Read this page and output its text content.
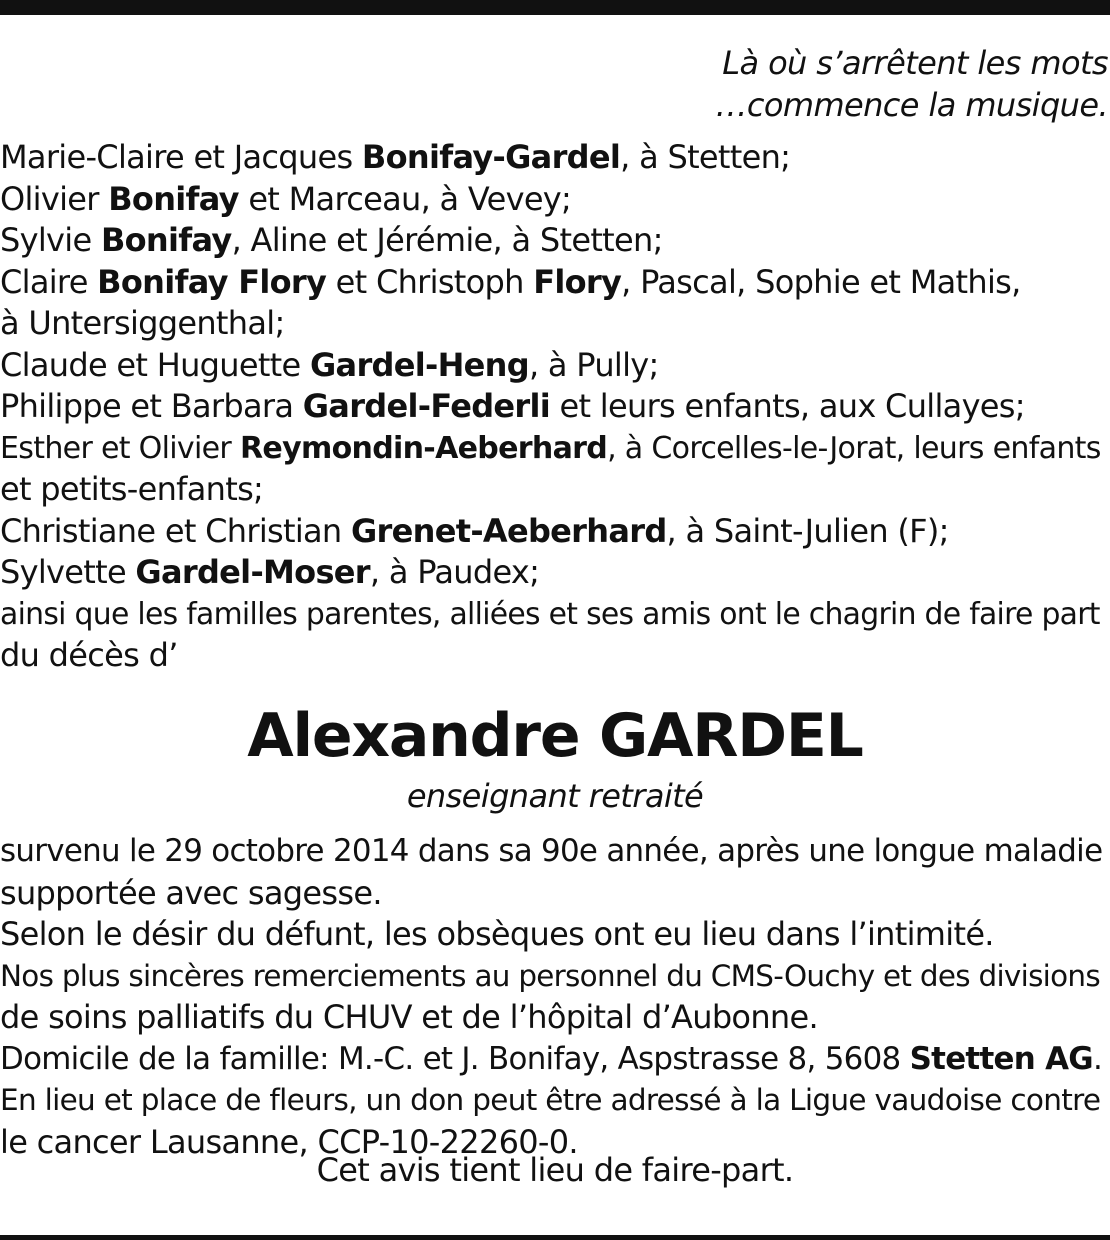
Là où s’arrêtent les mots
…commence la musique.
Marie-Claire et Jacques Bonifay-Gardel, à Stetten;
Olivier Bonifay et Marceau, à Vevey;
Sylvie Bonifay, Aline et Jérémie, à Stetten;
Claire Bonifay Flory et Christoph Flory, Pascal, Sophie et Mathis,
à Untersiggenthal;
Claude et Huguette Gardel-Heng, à Pully;
Philippe et Barbara Gardel-Federli et leurs enfants, aux Cullayes;
Esther et Olivier Reymondin-Aeberhard, à Corcelles-le-Jorat, leurs enfants
et petits-enfants;
Christiane et Christian Grenet-Aeberhard, à Saint-Julien (F);
Sylvette Gardel-Moser, à Paudex;
ainsi que les familles parentes, alliées et ses amis ont le chagrin de faire part
du décès d’
Alexandre GARDEL
enseignant retraité
survenu le 29 octobre 2014 dans sa 90e année, après une longue maladie
supportée avec sagesse.
Selon le désir du défunt, les obsèques ont eu lieu dans l’intimité.
Nos plus sincères remerciements au personnel du CMS-Ouchy et des divisions
de soins palliatifs du CHUV et de l’hôpital d’Aubonne.
Domicile de la famille: M.-C. et J. Bonifay, Aspstrasse 8, 5608 Stetten AG.
En lieu et place de fleurs, un don peut être adressé à la Ligue vaudoise contre
le cancer Lausanne, CCP-10-22260-0.
Cet avis tient lieu de faire-part.
